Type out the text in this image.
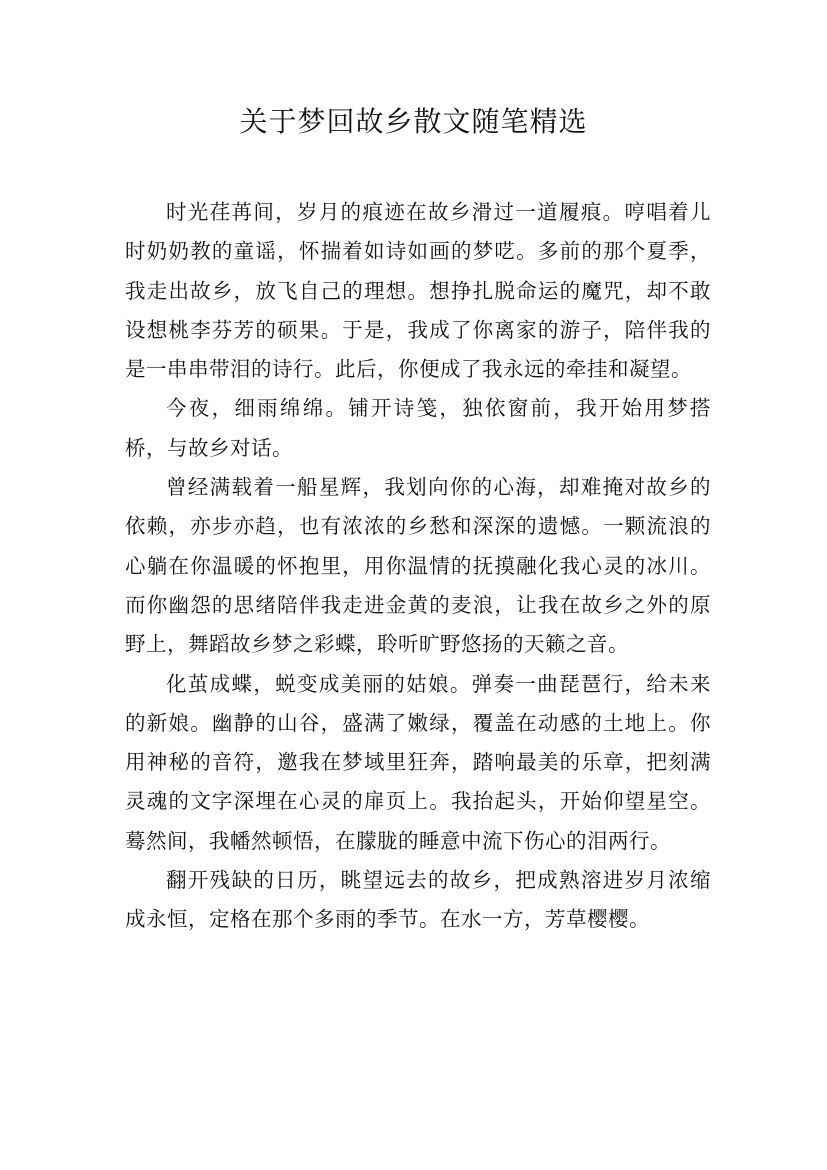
关于梦回故乡散文随笔精选

时光荏苒间，岁月的痕迹在故乡滑过一道履痕。哼唱着儿时奶奶教的童谣，怀揣着如诗如画的梦呓。多前的那个夏季，我走出故乡，放飞自己的理想。想挣扎脱命运的魔咒，却不敢设想桃李芬芳的硕果。于是，我成了你离家的游子，陪伴我的是一串串带泪的诗行。此后，你便成了我永远的牵挂和凝望。

今夜，细雨绵绵。铺开诗笺，独依窗前，我开始用梦搭桥，与故乡对话。

曾经满载着一船星辉，我划向你的心海，却难掩对故乡的依赖，亦步亦趋，也有浓浓的乡愁和深深的遗憾。一颗流浪的心躺在你温暖的怀抱里，用你温情的抚摸融化我心灵的冰川。而你幽怨的思绪陪伴我走进金黄的麦浪，让我在故乡之外的原野上，舞蹈故乡梦之彩蝶，聆听旷野悠扬的天籁之音。

化茧成蝶，蜕变成美丽的姑娘。弹奏一曲琵琶行，给未来的新娘。幽静的山谷，盛满了嫩绿，覆盖在动感的土地上。你用神秘的音符，邀我在梦域里狂奔，踏响最美的乐章，把刻满灵魂的文字深埋在心灵的扉页上。我抬起头，开始仰望星空。蓦然间，我幡然顿悟，在朦胧的睡意中流下伤心的泪两行。

翻开残缺的日历，眺望远去的故乡，把成熟溶进岁月浓缩成永恒，定格在那个多雨的季节。在水一方，芳草樱樱。
